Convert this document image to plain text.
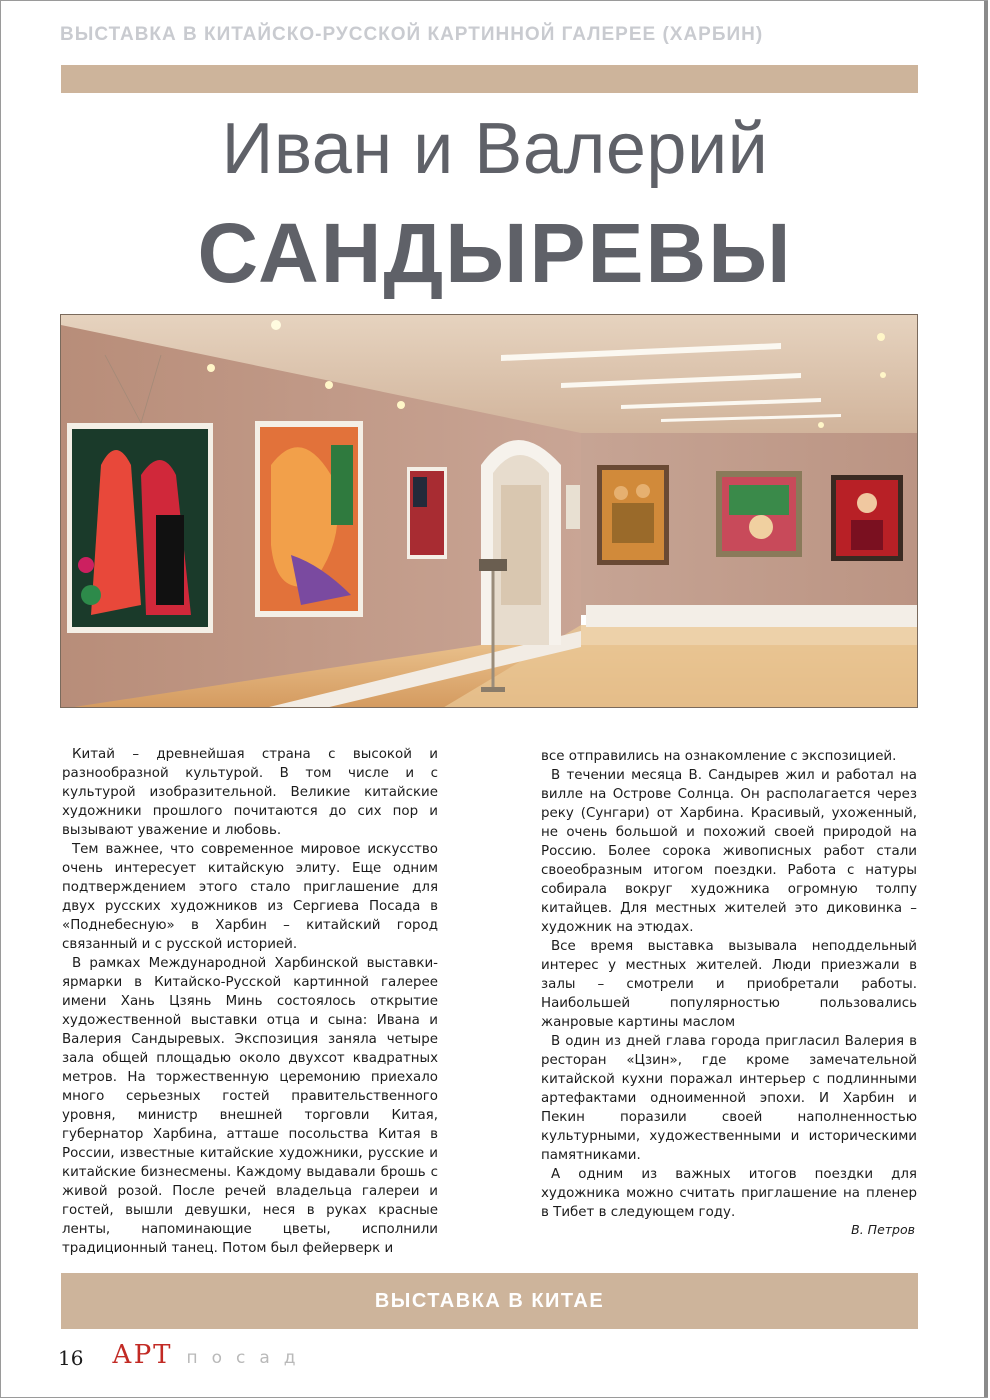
ВЫСТАВКА В КИТАЙСКО-РУССКОЙ КАРТИННОЙ ГАЛЕРЕЕ (ХАРБИН)
Иван и Валерий
САНДЫРЕВЫ

Китай – древнейшая страна с высокой и разнообразной культурой. В том числе и с культурой изобразительной. Великие китайские художники прошлого почитаются до сих пор и вызывают уважение и любовь.

Тем важнее, что современное мировое искусство очень интересует китайскую элиту. Еще одним подтверждением этого стало приглашение для двух русских художников из Сергиева Посада в «Поднебесную» в Харбин – китайский город связанный и с русской историей.

В рамках Международной Харбинской выставки-ярмарки в Китайско-Русской картинной галерее имени Хань Цзянь Минь состоялось открытие художественной выставки отца и сына: Ивана и Валерия Сандыревых. Экспозиция заняла четыре зала общей площадью около двухсот квадратных метров. На торжественную церемонию приехало много серьезных гостей правительственного уровня, министр внешней торговли Китая, губернатор Харбина, атташе посольства Китая в России, известные китайские художники, русские и китайские бизнесмены. Каждому выдавали брошь с живой розой. После речей владельца галереи и гостей, вышли девушки, неся в руках красные ленты, напоминающие цветы, исполнили традиционный танец. Потом был фейерверк и

все отправились на ознакомление с экспозицией.

В течении месяца В. Сандырев жил и работал на вилле на Острове Солнца. Он располагается через реку (Сунгари) от Харбина. Красивый, ухоженный, не очень большой и похожий своей природой на Россию. Более сорока живописных работ стали своеобразным итогом поездки. Работа с натуры собирала вокруг художника огромную толпу китайцев. Для местных жителей это диковинка – художник на этюдах.

Все время выставка вызывала неподдельный интерес у местных жителей. Люди приезжали в залы – смотрели и приобретали работы. Наибольшей популярностью пользовались жанровые картины маслом

В один из дней глава города пригласил Валерия в ресторан «Цзин», где кроме замечательной китайской кухни поражал интерьер с подлинными артефактами одноименной эпохи. И Харбин и Пекин поразили своей наполненностью культурными, художественными и историческими памятниками.

А одним из важных итогов поездки для художника можно считать приглашение на пленер в Тибет в следующем году.

В. Петров
ВЫСТАВКА В КИТАЕ
16 АРТ посад
